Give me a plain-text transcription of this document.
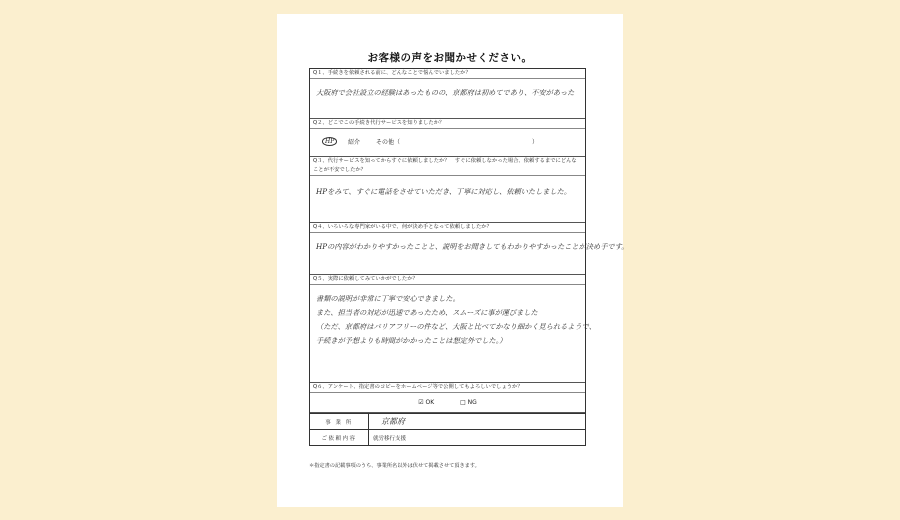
お客様の声をお聞かせください。
Q１、手続きを依頼される前に、どんなことで悩んでいましたか？
大阪府で会社設立の経験はあったものの、京都府は初めてであり、不安があった
Q２、どこでこの手続き代行サービスを知りましたか？
HP	紹介	その他（	）
Q３、代行サービスを知ってからすぐに依頼しましたか？　すぐに依頼しなかった場合、依頼するまでにどんなことが不安でしたか？
HPをみて、すぐに電話をさせていただき、丁寧に対応し、依頼いたしました。
Q４、いろいろな専門家がいる中で、何が決め手となって依頼しましたか？
HPの内容がわかりやすかったことと、説明をお聞きしてもわかりやすかったことが決め手です。
Q５、実際に依頼してみていかがでしたか？
書類の説明が非常に丁寧で安心できました。
また、担当者の対応が迅速であったため、スムーズに事が運びました
（ただ、京都府はバリアフリーの件など、大阪と比べてかなり細かく見られるようで、
手続きが予想よりも時間がかかったことは想定外でした。）
Q６、アンケート、指定書のコピーをホームページ等で公開してもよろしいでしょうか？
☑ OK	□ NG
事 業 所	京都府
ご依頼内容	就労移行支援
＊指定書の記載事項のうち、事業所名以外は伏せて掲載させて頂きます。
